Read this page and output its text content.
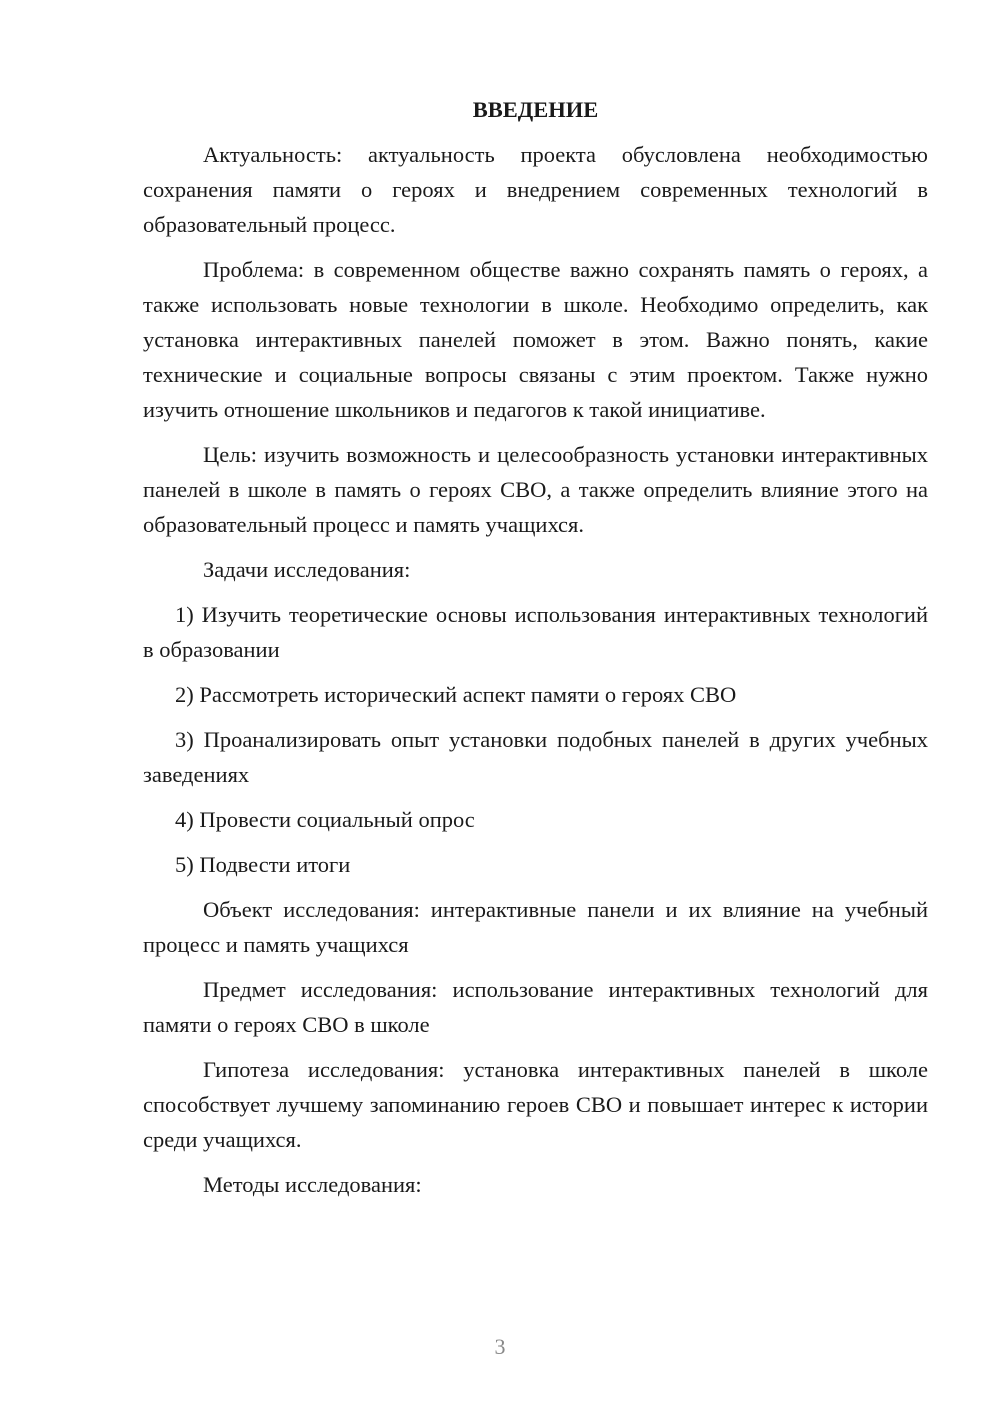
ВВЕДЕНИЕ

Актуальность: актуальность проекта обусловлена необходимостью сохранения памяти о героях и внедрением современных технологий в образовательный процесс.

Проблема: в современном обществе важно сохранять память о героях, а также использовать новые технологии в школе. Необходимо определить, как установка интерактивных панелей поможет в этом. Важно понять, какие технические и социальные вопросы связаны с этим проектом. Также нужно изучить отношение школьников и педагогов к такой инициативе.

Цель: изучить возможность и целесообразность установки интерактивных панелей в школе в память о героях СВО, а также определить влияние этого на образовательный процесс и память учащихся.

Задачи исследования:

1) Изучить теоретические основы использования интерактивных технологий в образовании

2) Рассмотреть исторический аспект памяти о героях СВО

3) Проанализировать опыт установки подобных панелей в других учебных заведениях

4) Провести социальный опрос

5) Подвести итоги

Объект исследования: интерактивные панели и их влияние на учебный процесс и память учащихся

Предмет исследования: использование интерактивных технологий для памяти о героях СВО в школе

Гипотеза исследования: установка интерактивных панелей в школе способствует лучшему запоминанию героев СВО и повышает интерес к истории среди учащихся.

Методы исследования:

3
